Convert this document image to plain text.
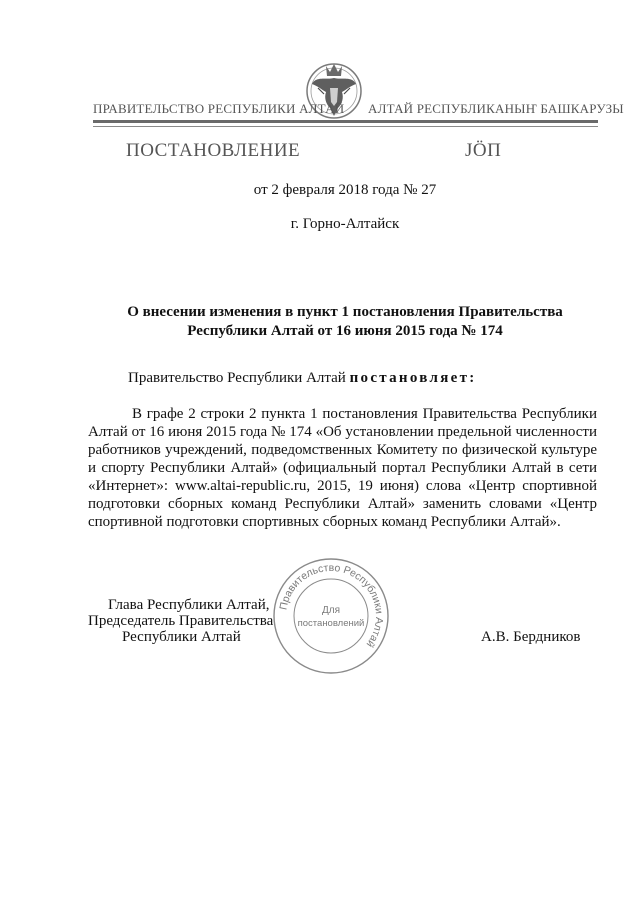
ПРАВИТЕЛЬСТВО РЕСПУБЛИКИ АЛТАЙ АЛТАЙ РЕСПУБЛИКАНЫҤ БАШКАРУЗЫ
ПОСТАНОВЛЕНИЕ	ЈӦП
от 2 февраля 2018 года № 27
г. Горно-Алтайск
О внесении изменения в пункт 1 постановления Правительства Республики Алтай от 16 июня 2015 года № 174
Правительство Республики Алтай постановляет:
В графе 2 строки 2 пункта 1 постановления Правительства Республики Алтай от 16 июня 2015 года № 174 «Об установлении предельной численности работников учреждений, подведомственных Комитету по физической культуре и спорту Республики Алтай» (официальный портал Республики Алтай в сети «Интернет»: www.altai-republic.ru, 2015, 19 июня) слова «Центр спортивной подготовки сборных команд Республики Алтай» заменить словами «Центр спортивной подготовки спортивных сборных команд Республики Алтай».
Глава Республики Алтай,
Председатель Правительства
Республики Алтай	А.В. Бердников
Правительство Республики Алтай
Для
постановлений
